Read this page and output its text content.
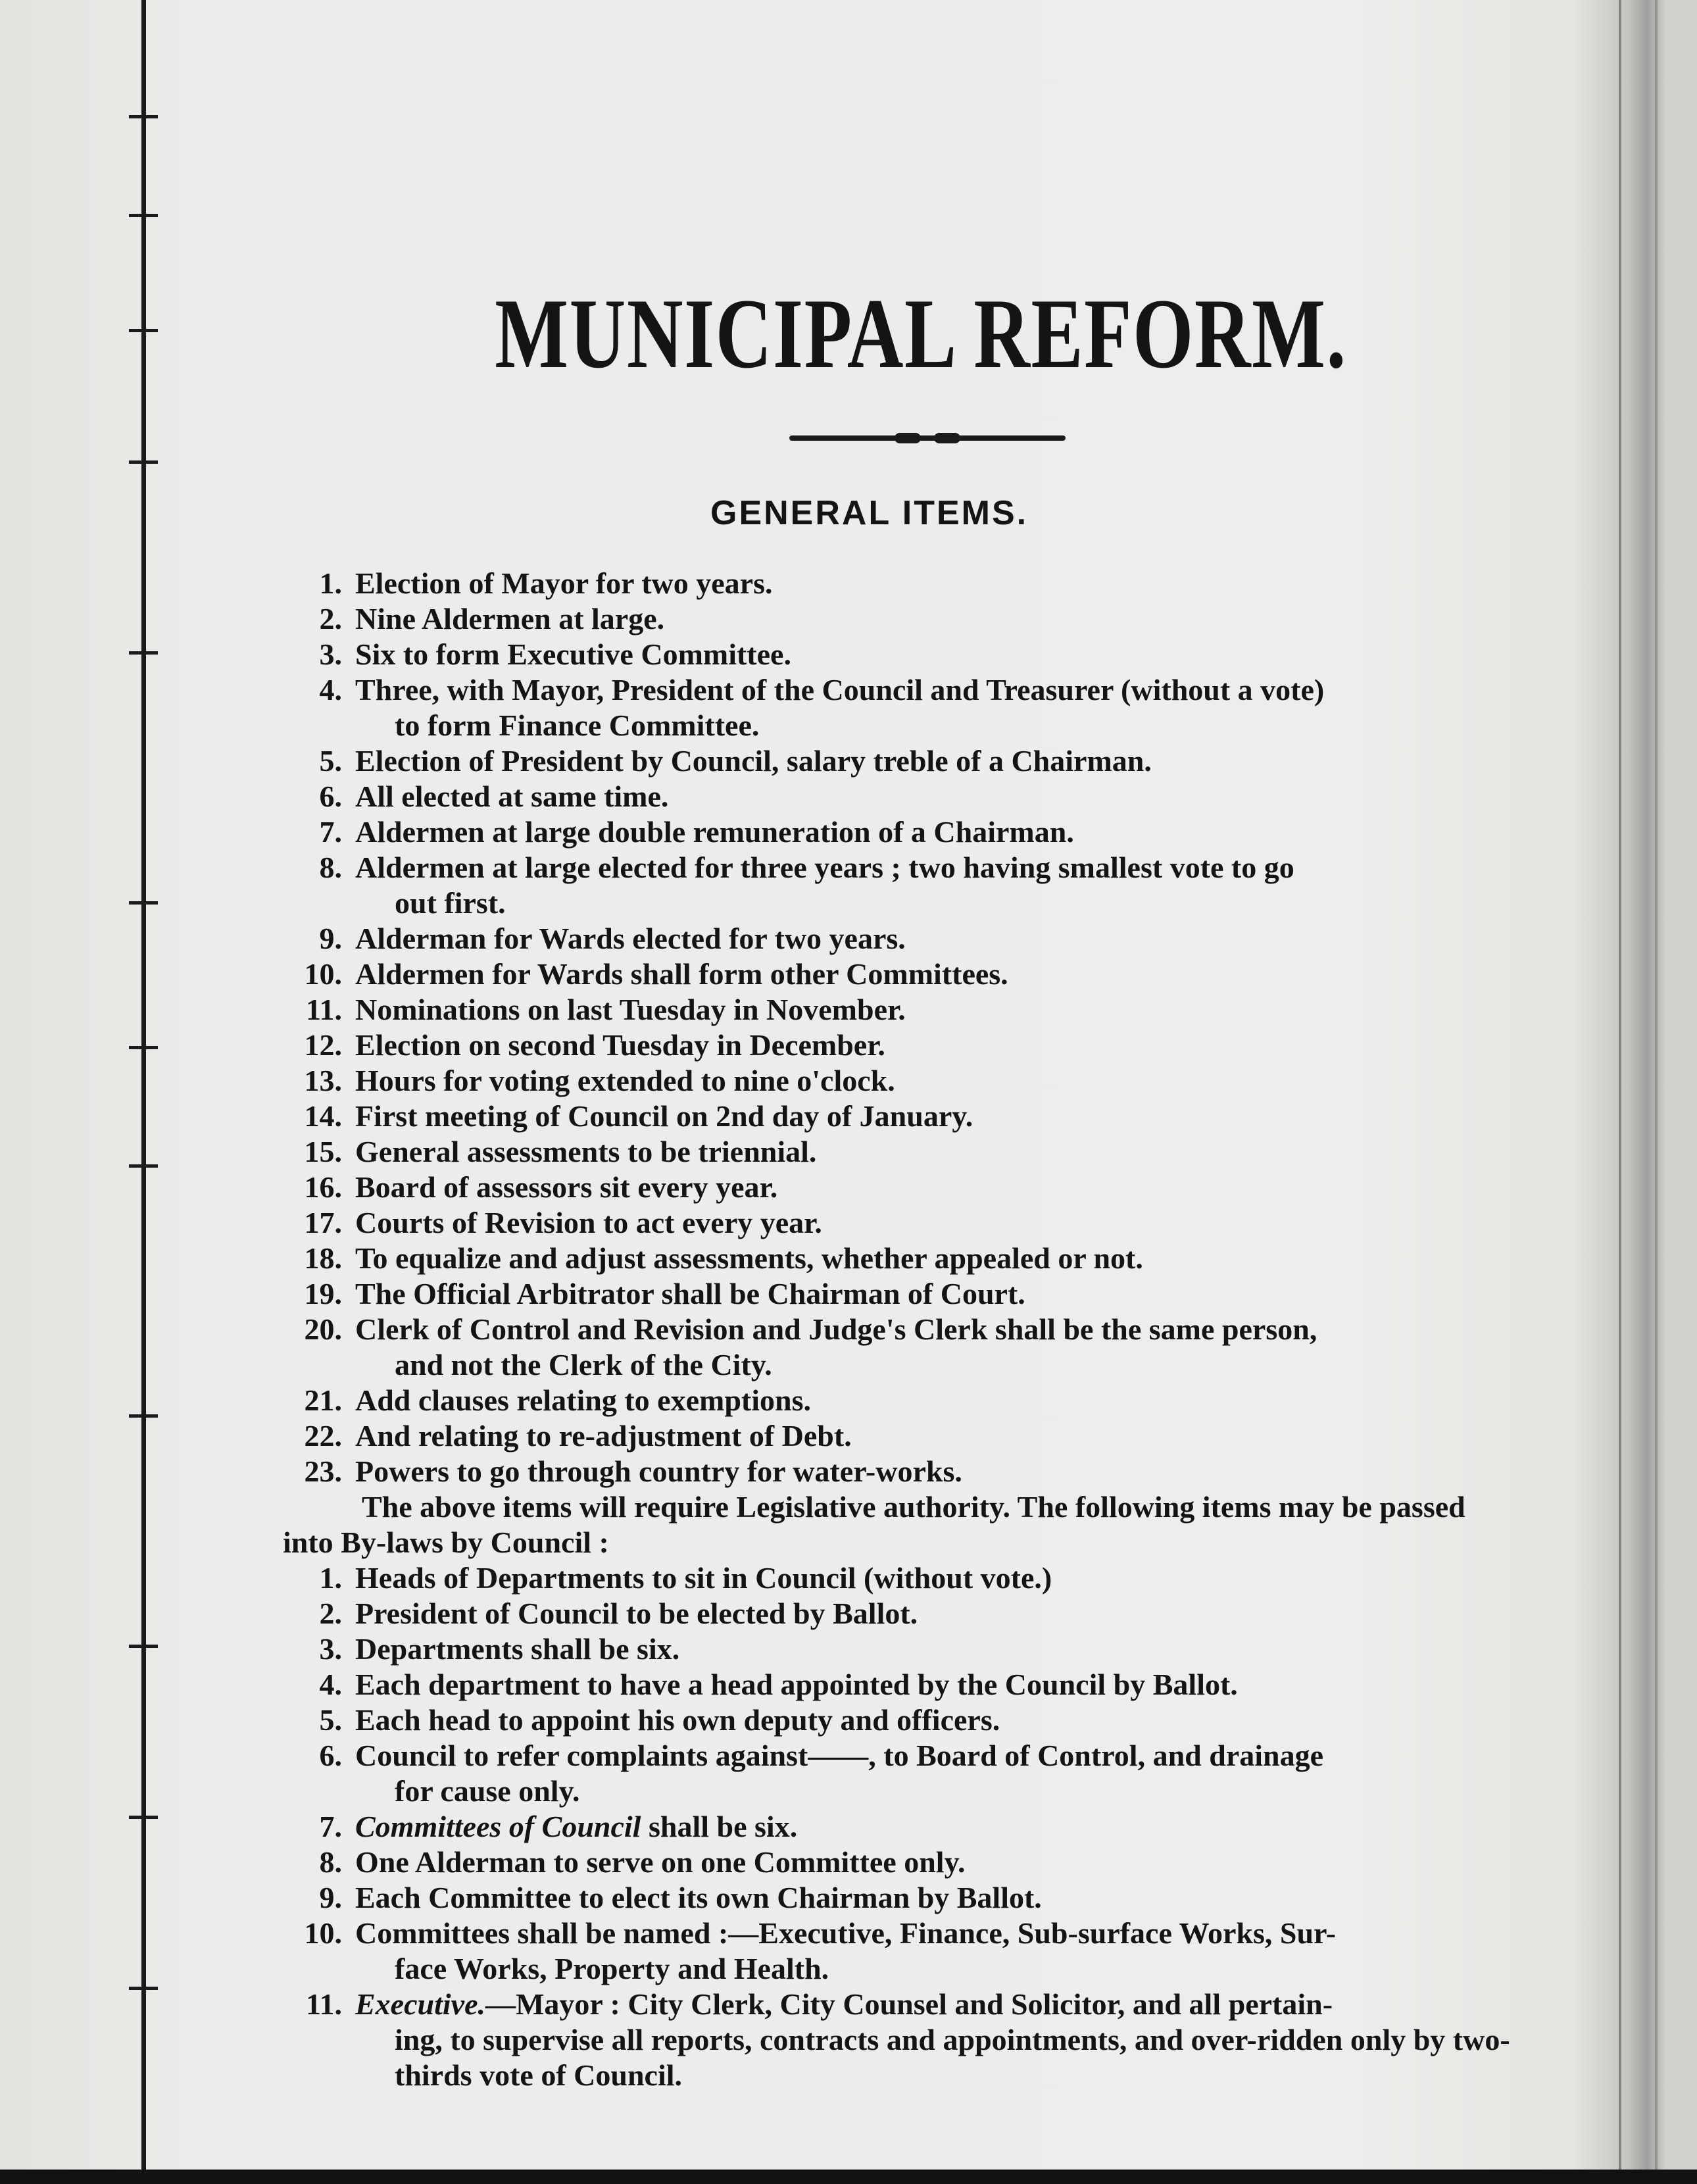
MUNICIPAL REFORM.
GENERAL ITEMS.
1. Election of Mayor for two years.
2. Nine Aldermen at large.
3. Six to form Executive Committee.
4. Three, with Mayor, President of the Council and Treasurer (without a vote)
to form Finance Committee.
5. Election of President by Council, salary treble of a Chairman.
6. All elected at same time.
7. Aldermen at large double remuneration of a Chairman.
8. Aldermen at large elected for three years ; two having smallest vote to go
out first.
9. Alderman for Wards elected for two years.
10. Aldermen for Wards shall form other Committees.
11. Nominations on last Tuesday in November.
12. Election on second Tuesday in December.
13. Hours for voting extended to nine o'clock.
14. First meeting of Council on 2nd day of January.
15. General assessments to be triennial.
16. Board of assessors sit every year.
17. Courts of Revision to act every year.
18. To equalize and adjust assessments, whether appealed or not.
19. The Official Arbitrator shall be Chairman of Court.
20. Clerk of Control and Revision and Judge's Clerk shall be the same person,
and not the Clerk of the City.
21. Add clauses relating to exemptions.
22. And relating to re-adjustment of Debt.
23. Powers to go through country for water-works.
The above items will require Legislative authority. The following items may be passed into By-laws by Council :
1. Heads of Departments to sit in Council (without vote.)
2. President of Council to be elected by Ballot.
3. Departments shall be six.
4. Each department to have a head appointed by the Council by Ballot.
5. Each head to appoint his own deputy and officers.
6. Council to refer complaints against——, to Board of Control, and drainage
for cause only.
7. Committees of Council shall be six.
8. One Alderman to serve on one Committee only.
9. Each Committee to elect its own Chairman by Ballot.
10. Committees shall be named :—Executive, Finance, Sub-surface Works, Sur-
face Works, Property and Health.
11. Executive.—Mayor : City Clerk, City Counsel and Solicitor, and all pertain-
ing, to supervise all reports, contracts and appointments, and over-ridden only by two-thirds vote of Council.
